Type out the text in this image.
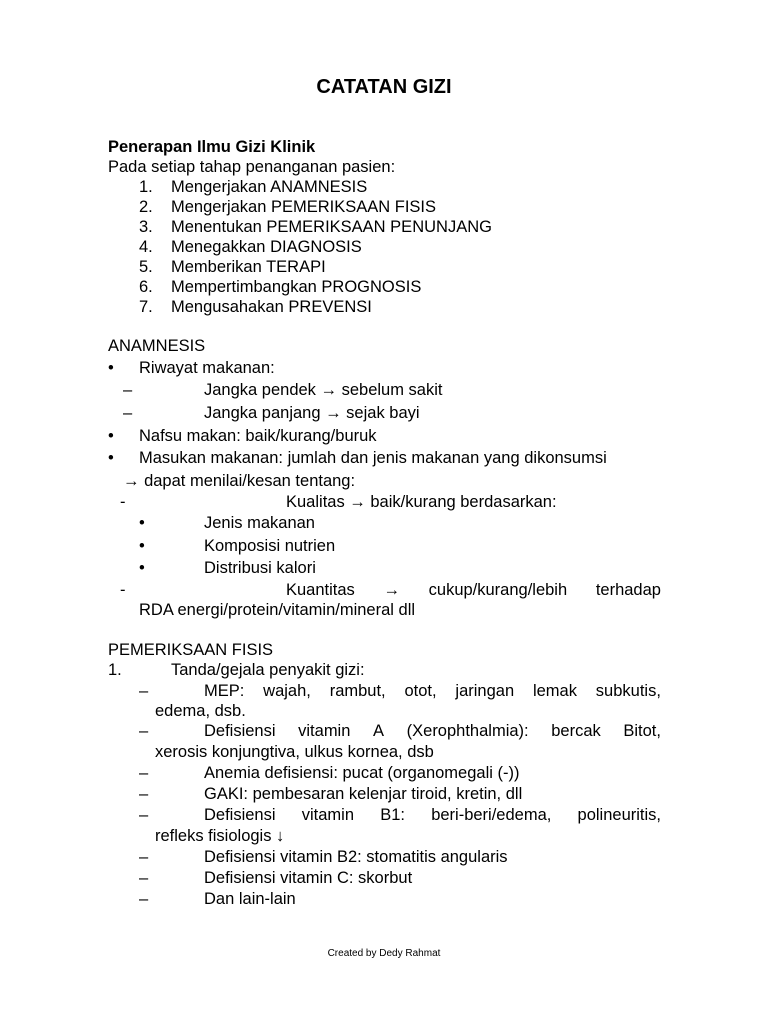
CATATAN GIZI
Penerapan Ilmu Gizi Klinik
Pada setiap tahap penanganan pasien:
1. Mengerjakan ANAMNESIS
2. Mengerjakan PEMERIKSAAN FISIS
3. Menentukan PEMERIKSAAN PENUNJANG
4. Menegakkan DIAGNOSIS
5. Memberikan TERAPI
6. Mempertimbangkan PROGNOSIS
7. Mengusahakan PREVENSI
ANAMNESIS
• Riwayat makanan:
–	Jangka pendek → sebelum sakit
–	Jangka panjang → sejak bayi
• Nafsu makan: baik/kurang/buruk
• Masukan makanan: jumlah dan jenis makanan yang dikonsumsi
→ dapat menilai/kesan tentang:
-	Kualitas → baik/kurang berdasarkan:
•	Jenis makanan
•	Komposisi nutrien
•	Distribusi kalori
-	Kuantitas → cukup/kurang/lebih terhadap
RDA energi/protein/vitamin/mineral dll
PEMERIKSAAN FISIS
1.	Tanda/gejala penyakit gizi:
–	MEP: wajah, rambut, otot, jaringan lemak subkutis,
edema, dsb.
–	Defisiensi vitamin A (Xerophthalmia): bercak Bitot,
xerosis konjungtiva, ulkus kornea, dsb
–	Anemia defisiensi: pucat (organomegali (-))
–	GAKI: pembesaran kelenjar tiroid, kretin, dll
–	Defisiensi vitamin B1: beri-beri/edema, polineuritis,
refleks fisiologis ↓
–	Defisiensi vitamin B2: stomatitis angularis
–	Defisiensi vitamin C: skorbut
–	Dan lain-lain
Created by Dedy Rahmat
